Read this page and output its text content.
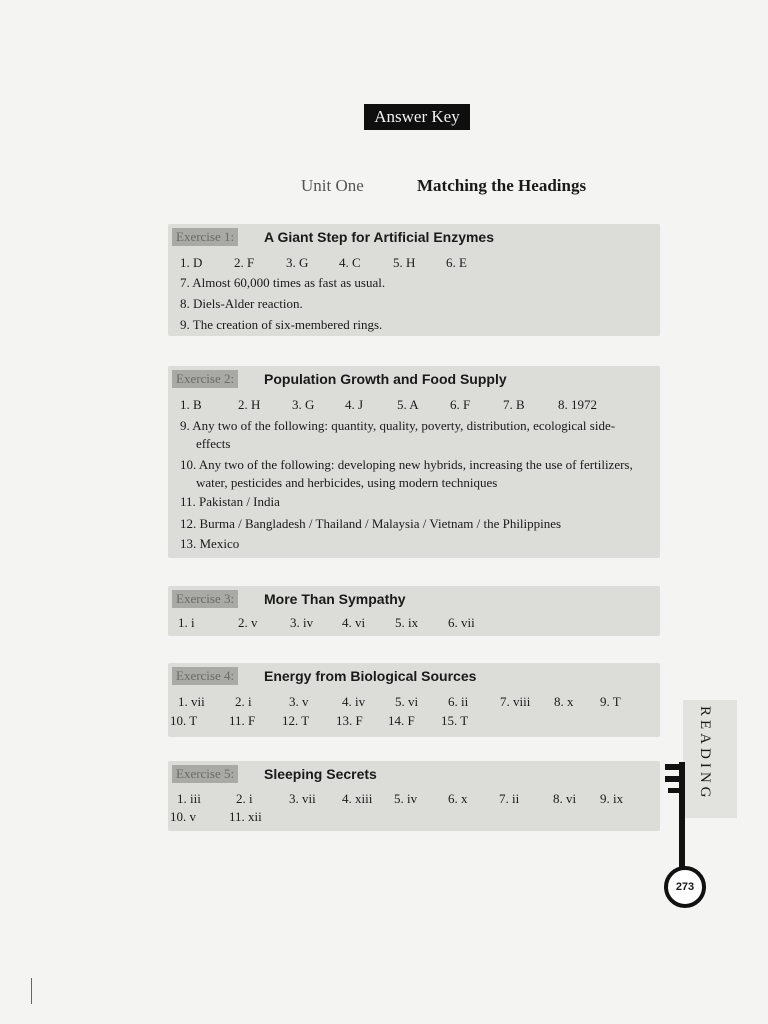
Answer Key
Unit One	Matching the Headings
Exercise 1: A Giant Step for Artificial Enzymes
1. D 2. F 3. G 4. C 5. H 6. E
7. Almost 60,000 times as fast as usual.
8. Diels-Alder reaction.
9. The creation of six-membered rings.
Exercise 2: Population Growth and Food Supply
1. B	2. H 3. G 4. J	5. A 6. F	7. B	8. 1972
9. Any two of the following: quantity, quality, poverty, distribution, ecological side-effects
10. Any two of the following: developing new hybrids, increasing the use of fertilizers, water, pesticides and herbicides, using modern techniques
11. Pakistan / India
12. Burma / Bangladesh / Thailand / Malaysia / Vietnam / the Philippines
13. Mexico
Exercise 3: More Than Sympathy
1. i	2. v	3. iv 4. vi 5. ix 6. vii
Exercise 4: Energy from Biological Sources
1. vii 2. i	3. v	4. iv 5. vi 6. ii 7. viii 8. x 9. T
10. T 11. F 12. T 13. F 14. F 15. T
Exercise 5: Sleeping Secrets
1. iii	2. i	3. vii 4. xiii 5. iv 6. x 7. ii	8. vi 9. ix
10. v	11. xii
READING
273
